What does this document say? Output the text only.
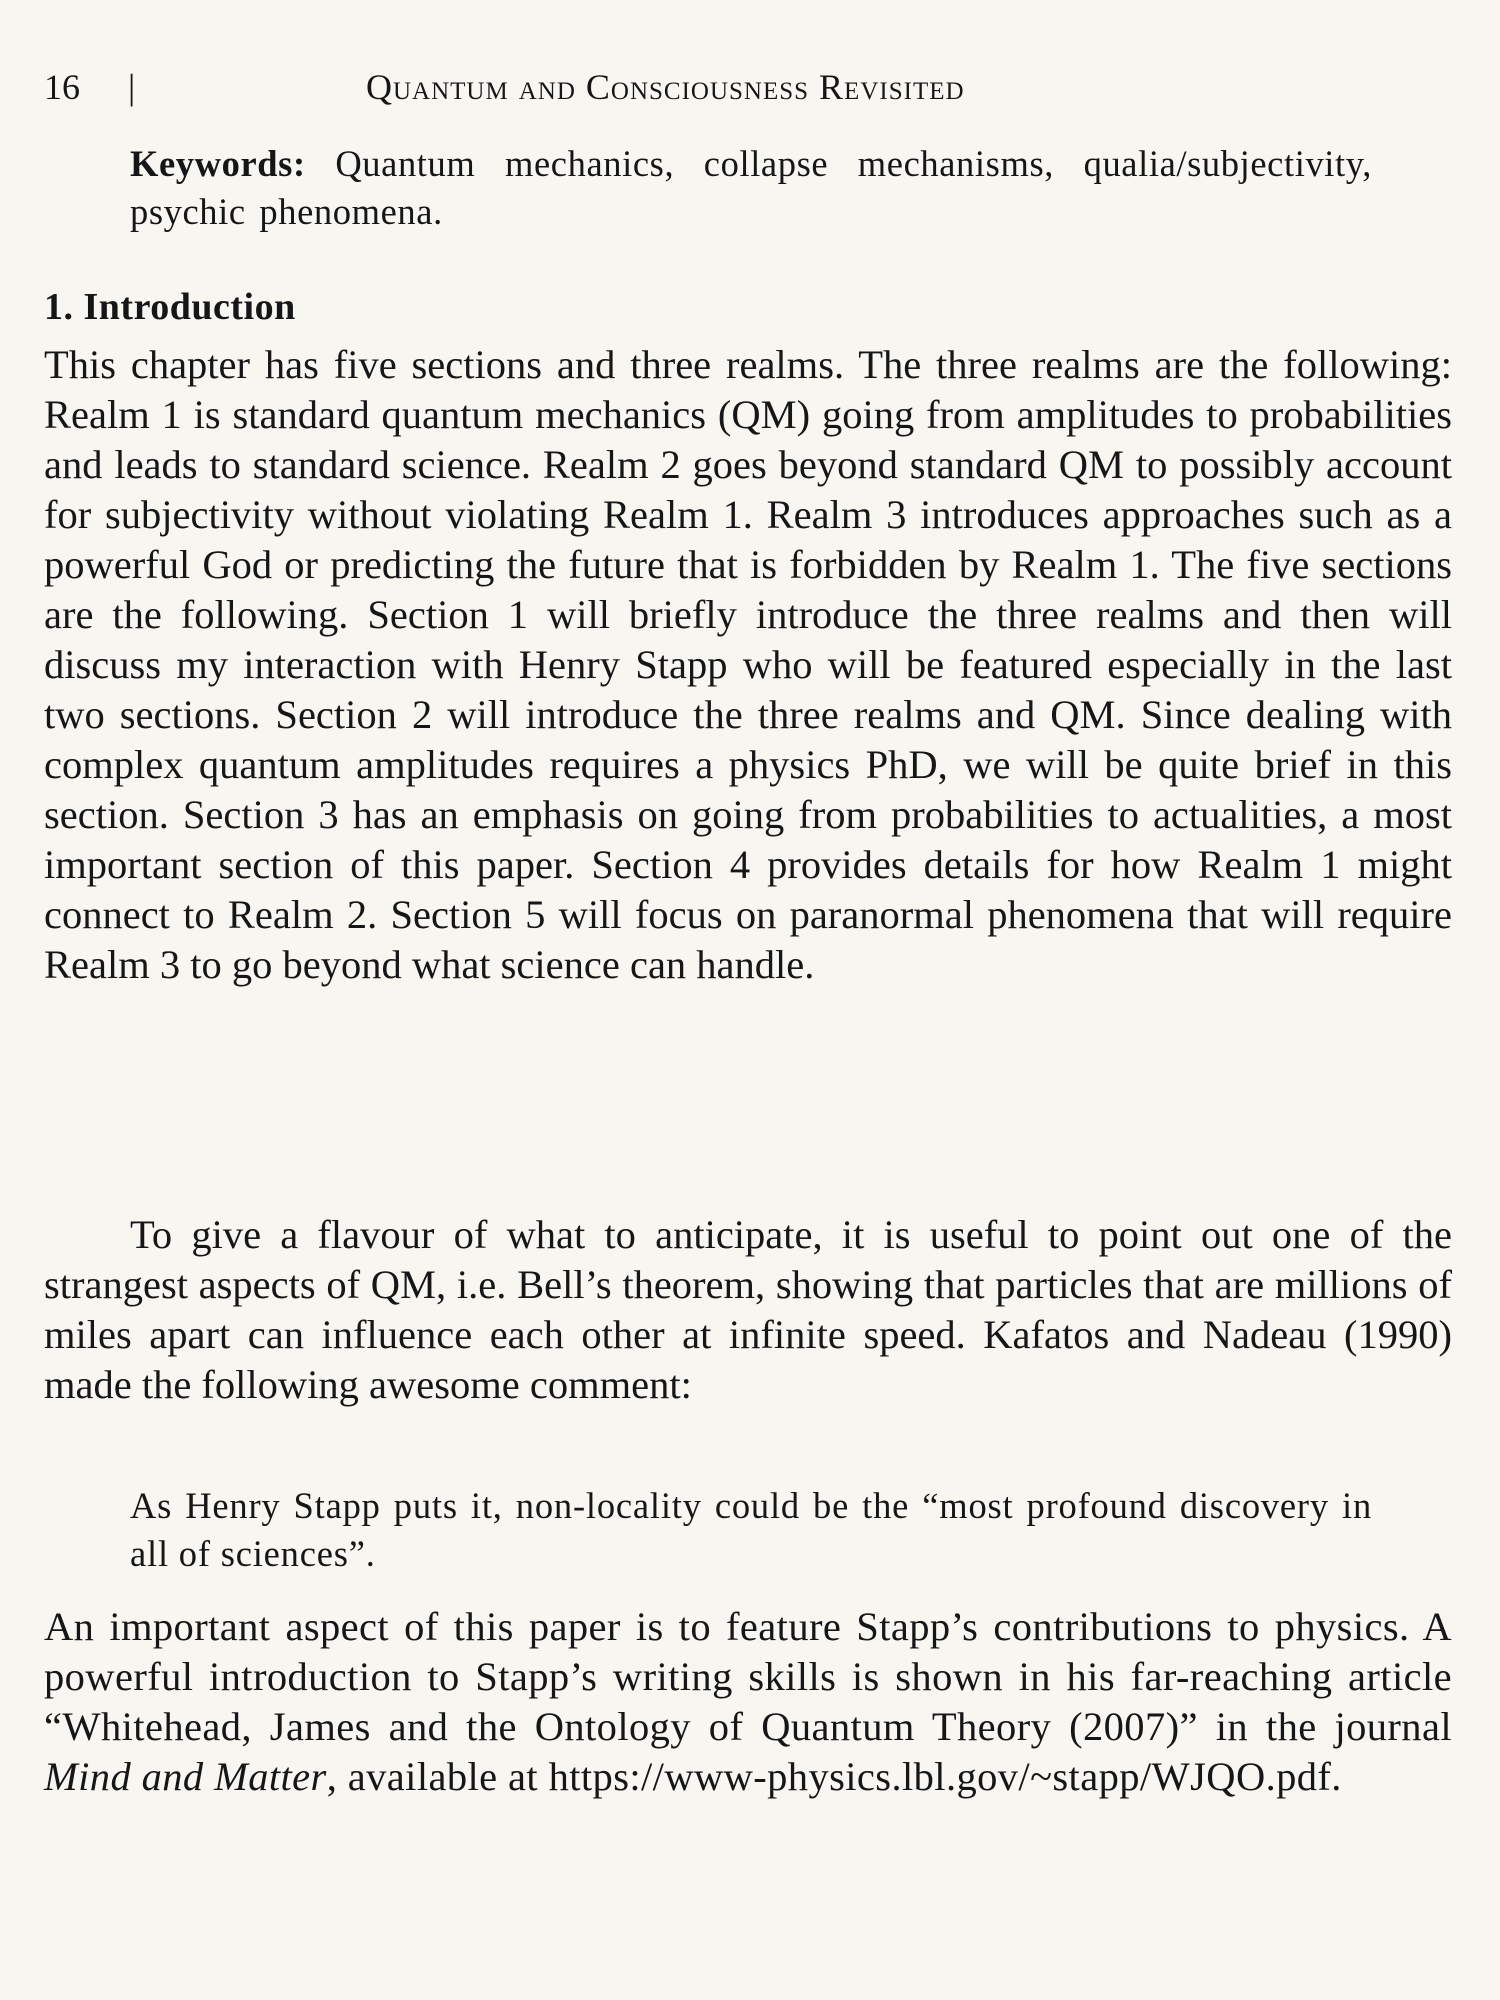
16 |	Quantum and Consciousness Revisited

Keywords: Quantum mechanics, collapse mechanisms, qualia/subjectivity, psychic phenomena.

1. Introduction

This chapter has five sections and three realms. The three realms are the following: Realm 1 is standard quantum mechanics (QM) going from amplitudes to probabilities and leads to standard science. Realm 2 goes beyond standard QM to possibly account for subjectivity without violating Realm 1. Realm 3 introduces approaches such as a powerful God or predicting the future that is forbidden by Realm 1. The five sections are the following. Section 1 will briefly introduce the three realms and then will discuss my interaction with Henry Stapp who will be featured especially in the last two sections. Section 2 will introduce the three realms and QM. Since dealing with complex quantum amplitudes requires a physics PhD, we will be quite brief in this section. Section 3 has an emphasis on going from probabilities to actualities, a most important section of this paper. Section 4 provides details for how Realm 1 might connect to Realm 2. Section 5 will focus on paranormal phenomena that will require Realm 3 to go beyond what science can handle.

To give a flavour of what to anticipate, it is useful to point out one of the strangest aspects of QM, i.e. Bell’s theorem, showing that particles that are millions of miles apart can influence each other at infinite speed. Kafatos and Nadeau (1990) made the following awesome comment:

As Henry Stapp puts it, non-locality could be the “most profound discovery in all of sciences”.

An important aspect of this paper is to feature Stapp’s contributions to physics. A powerful introduction to Stapp’s writing skills is shown in his far-reaching article “Whitehead, James and the Ontology of Quantum Theory (2007)” in the journal Mind and Matter, available at https://www-physics.lbl.gov/~stapp/WJQO.pdf.
